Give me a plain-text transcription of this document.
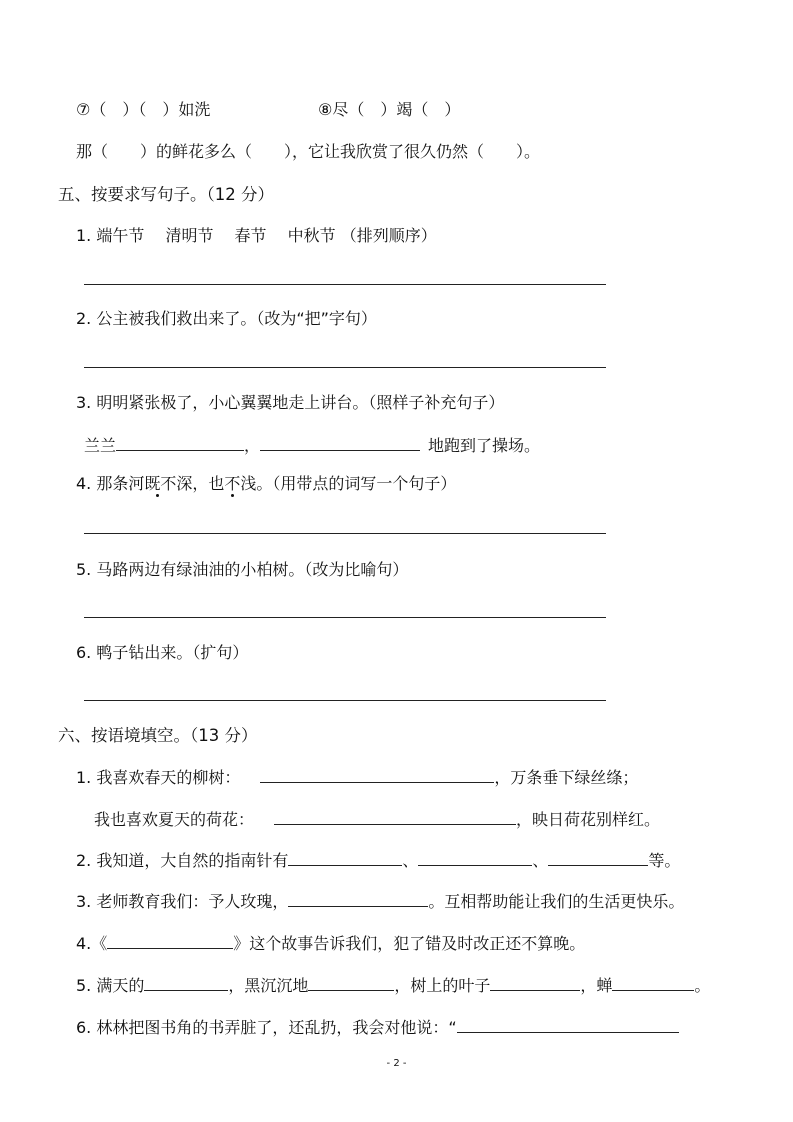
⑦（　）（　）如洗	⑧尽（　）竭（　）
那（　　）的鲜花多么（　　），它让我欣赏了很久仍然（　　）。
五、按要求写句子。（12 分）
1. 端午节　 清明节　 春节　 中秋节 （排列顺序）
2. 公主被我们救出来了。（改为“把”字句）
3. 明明紧张极了，小心翼翼地走上讲台。（照样子补充句子）
兰兰	，	地跑到了操场。
4. 那条河既不深，也不浅。（用带点的词写一个句子）
5. 马路两边有绿油油的小柏树。（改为比喻句）
6. 鸭子钻出来。（扩句）
六、按语境填空。（13 分）
1. 我喜欢春天的柳树：	，万条垂下绿丝绦；
我也喜欢夏天的荷花：	，映日荷花别样红。
2. 我知道，大自然的指南针有	、	、	等。
3. 老师教育我们：予人玫瑰，	。互相帮助能让我们的生活更快乐。
4.《	》这个故事告诉我们，犯了错及时改正还不算晚。
5. 满天的	，黑沉沉地	，树上的叶子	，蝉	。
6. 林林把图书角的书弄脏了，还乱扔，我会对他说：“
- 2 -
